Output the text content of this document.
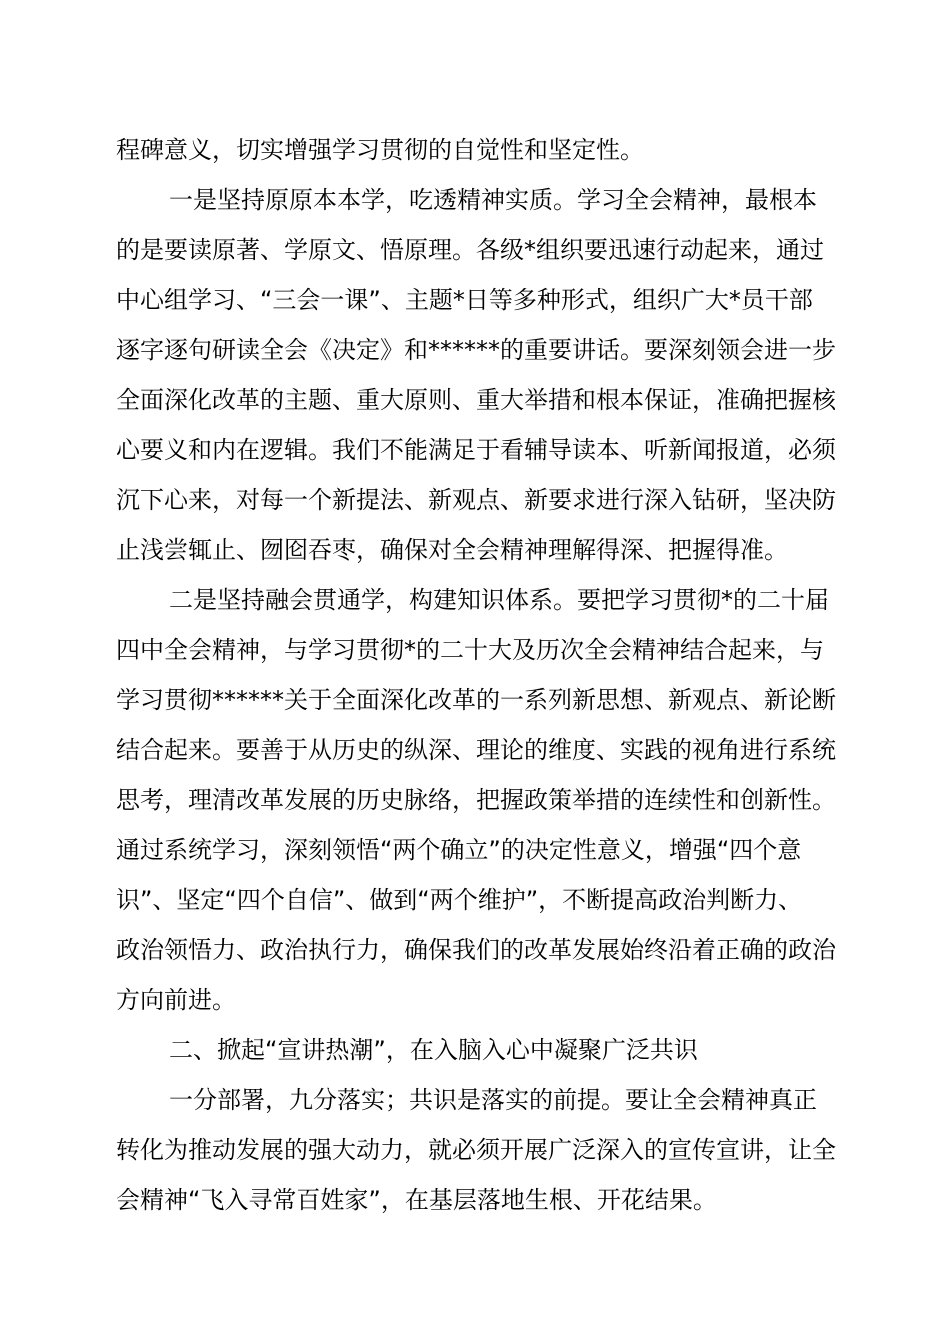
程碑意义，切实增强学习贯彻的自觉性和坚定性。
一是坚持原原本本学，吃透精神实质。学习全会精神，最根本
的是要读原著、学原文、悟原理。各级*组织要迅速行动起来，通过
中心组学习、“三会一课”、主题*日等多种形式，组织广大*员干部
逐字逐句研读全会《决定》和******的重要讲话。要深刻领会进一步
全面深化改革的主题、重大原则、重大举措和根本保证，准确把握核
心要义和内在逻辑。我们不能满足于看辅导读本、听新闻报道，必须
沉下心来，对每一个新提法、新观点、新要求进行深入钻研，坚决防
止浅尝辄止、囫囵吞枣，确保对全会精神理解得深、把握得准。
二是坚持融会贯通学，构建知识体系。要把学习贯彻*的二十届
四中全会精神，与学习贯彻*的二十大及历次全会精神结合起来，与
学习贯彻******关于全面深化改革的一系列新思想、新观点、新论断
结合起来。要善于从历史的纵深、理论的维度、实践的视角进行系统
思考，理清改革发展的历史脉络，把握政策举措的连续性和创新性。
通过系统学习，深刻领悟“两个确立”的决定性意义，增强“四个意
识”、坚定“四个自信”、做到“两个维护”，不断提高政治判断力、
政治领悟力、政治执行力，确保我们的改革发展始终沿着正确的政治
方向前进。
二、掀起“宣讲热潮”，在入脑入心中凝聚广泛共识
一分部署，九分落实；共识是落实的前提。要让全会精神真正
转化为推动发展的强大动力，就必须开展广泛深入的宣传宣讲，让全
会精神“飞入寻常百姓家”，在基层落地生根、开花结果。
